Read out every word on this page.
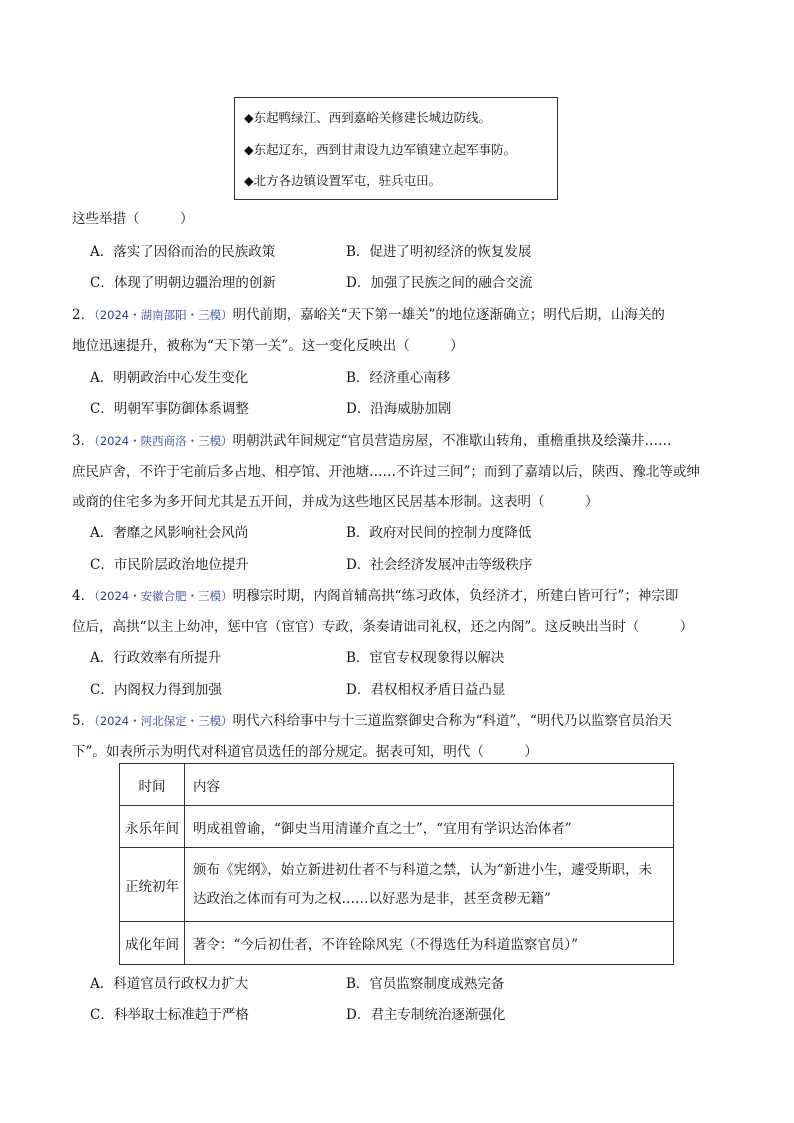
◆东起鸭绿江、西到嘉峪关修建长城边防线。
◆东起辽东，西到甘肃设九边军镇建立起军事防。
◆北方各边镇设置军屯，驻兵屯田。
这些举措（　　　）
A．落实了因俗而治的民族政策	B．促进了明初经济的恢复发展
C．体现了明朝边疆治理的创新	D．加强了民族之间的融合交流
2．（2024・湖南邵阳・三模）明代前期，嘉峪关“天下第一雄关”的地位逐渐确立；明代后期，山海关的
地位迅速提升，被称为“天下第一关”。这一变化反映出（　　　）
A．明朝政治中心发生变化	B．经济重心南移
C．明朝军事防御体系调整	D．沿海威胁加剧
3．（2024・陕西商洛・三模）明朝洪武年间规定“官员营造房屋，不准歇山转角，重檐重拱及绘藻井……
庶民庐舍，不许于宅前后多占地、相亭馆、开池塘……不许过三间”；而到了嘉靖以后，陕西、豫北等或绅
或商的住宅多为多开间尤其是五开间，并成为这些地区民居基本形制。这表明（　　　）
A．奢靡之风影响社会风尚	B．政府对民间的控制力度降低
C．市民阶层政治地位提升	D．社会经济发展冲击等级秩序
4．（2024・安徽合肥・三模）明穆宗时期，内阁首辅高拱“练习政体，负经济才，所建白皆可行”；神宗即
位后，高拱“以主上幼冲，惩中官（宦官）专政，条奏请诎司礼权，还之内阁”。这反映出当时（　　　）
A．行政效率有所提升	B．宦官专权现象得以解决
C．内阁权力得到加强	D．君权相权矛盾日益凸显
5．（2024・河北保定・三模）明代六科给事中与十三道监察御史合称为“科道”，“明代乃以监察官员治天
下”。如表所示为明代对科道官员选任的部分规定。据表可知，明代（　　　）
时间	内容
永乐年间	明成祖曾谕，“御史当用清谨介直之士”，“宜用有学识达治体者”
正统初年	颁布《宪纲》，始立新进初仕者不与科道之禁，认为“新进小生，遽受斯职，未达政治之体而有可为之权……以好恶为是非，甚至贪秽无籍”
成化年间	著令：“今后初仕者，不许铨除风宪（不得选任为科道监察官员）”
A．科道官员行政权力扩大	B．官员监察制度成熟完备
C．科举取士标准趋于严格	D．君主专制统治逐渐强化
